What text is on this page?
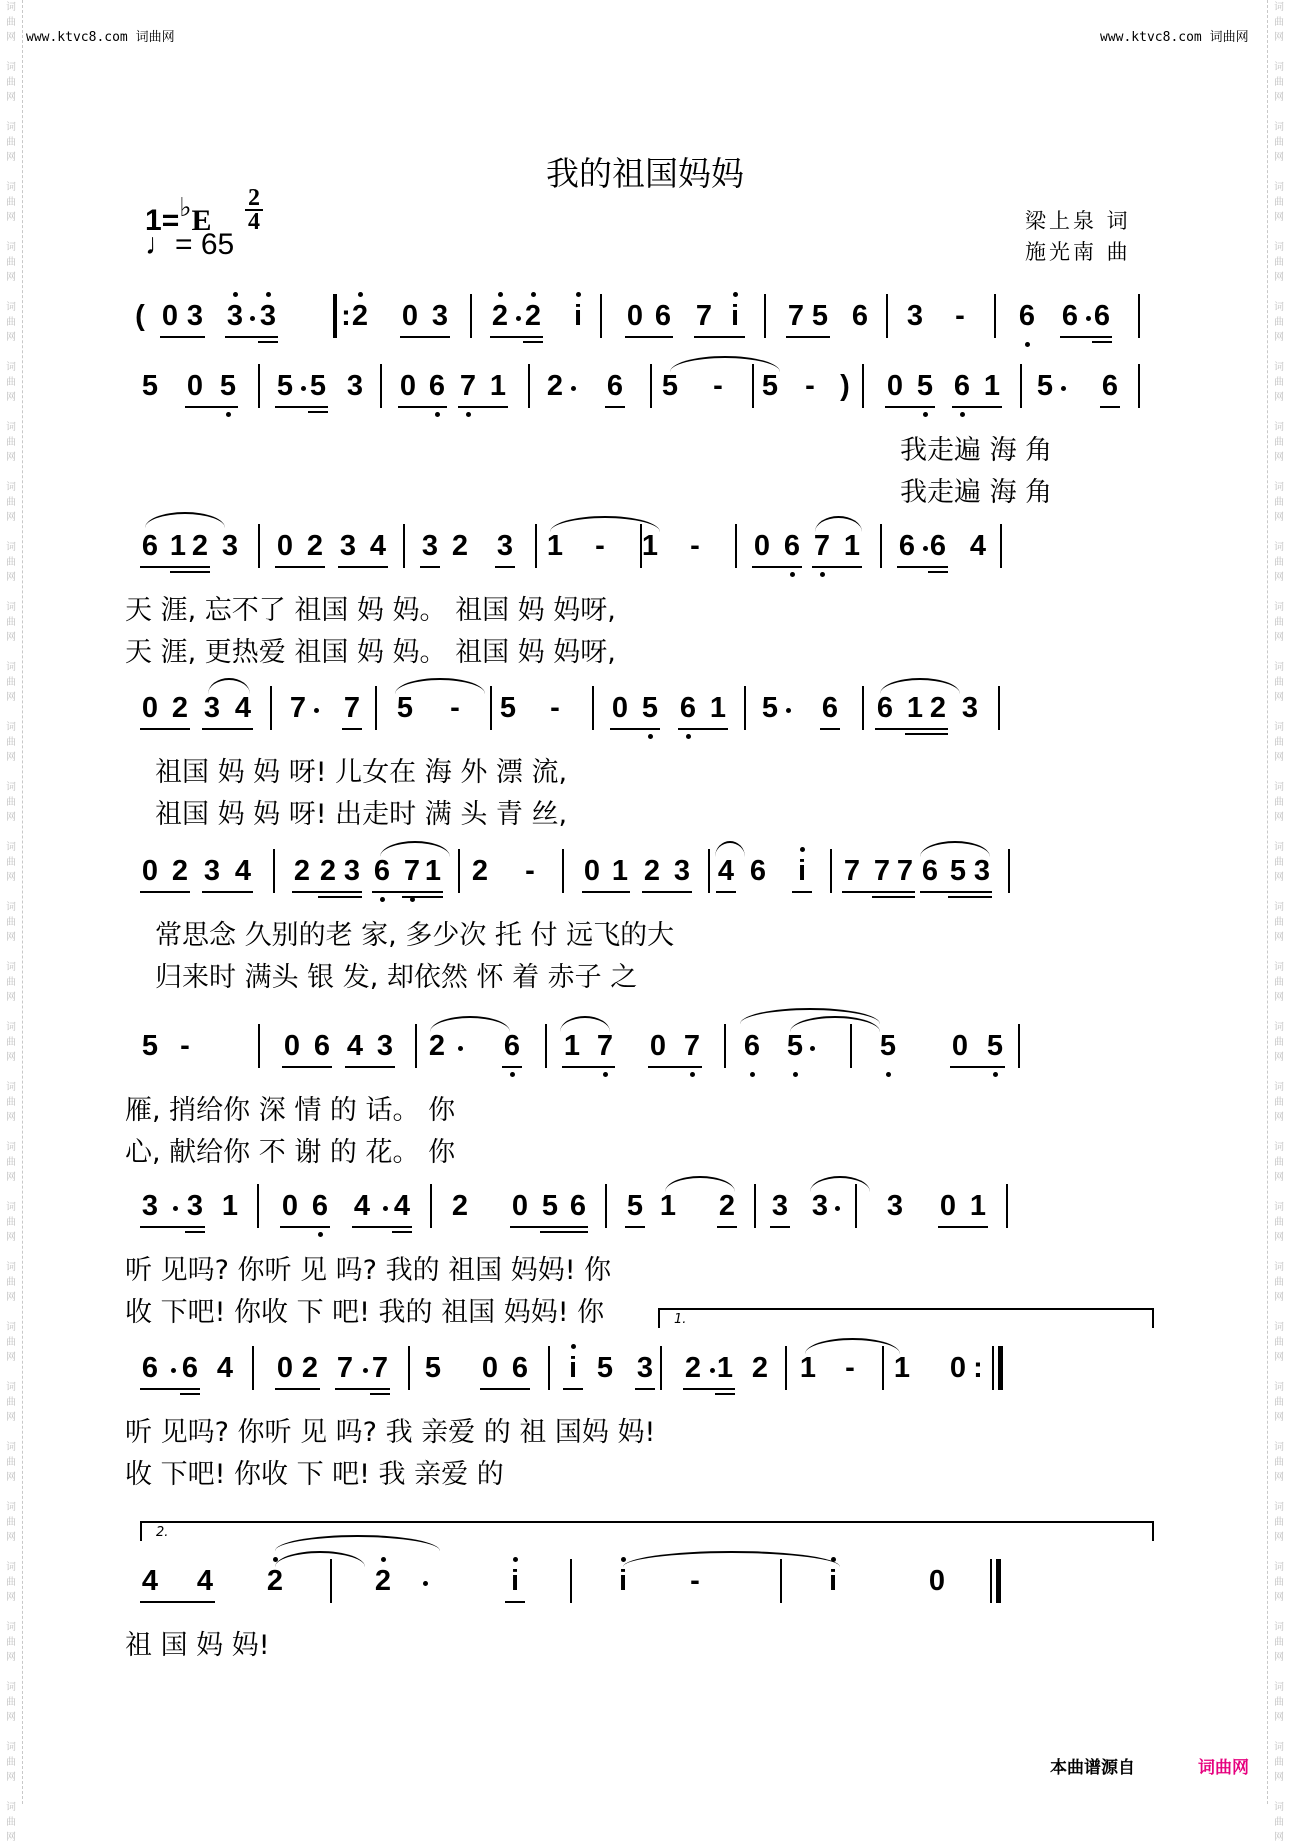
词
曲
网
词
曲
网
词
曲
网
词
曲
网
词
曲
网
词
曲
网
词
曲
网
词
曲
网
词
曲
网
词
曲
网
词
曲
网
词
曲
网
词
曲
网
词
曲
网
词
曲
网
词
曲
网
词
曲
网
词
曲
网
词
曲
网
词
曲
网
词
曲
网
词
曲
网
词
曲
网
词
曲
网
词
曲
网
词
曲
网
词
曲
网
词
曲
网
词
曲
网
词
曲
网
词
曲
网
词
曲
网
词
曲
网
词
曲
网
词
曲
网
词
曲
网
词
曲
网
词
曲
网
词
曲
网
词
曲
网
词
曲
网
词
曲
网
词
曲
网
词
曲
网
词
曲
网
词
曲
网
词
曲
网
词
曲
网
词
曲
网
词
曲
网
词
曲
网
词
曲
网
词
曲
网
词
曲
网
词
曲
网
词
曲
网
词
曲
网
词
曲
网
词
曲
网
词
曲
网
词
曲
网
词
曲
网
www.ktvc8.com 词曲网	www.ktvc8.com 词曲网
我的祖国妈妈
1=♭E
2
4
♩= 65
梁上泉 词
施光南 曲
( 0 3 3 3 : 2 0 3 2 2 i 0 6 7 i 7 5 6 3 - 6 6 6
5 0 5 5 5 3 0 6 7 1 2 6 5 - 5 - ) 0 5 6 1 5 6
我走遍 海 角
我走遍 海 角
6 1 2 3 0 2 3 4 3 2 3 1 - 1 - 0 6 7 1 6 6 4
天 涯, 忘不了 祖国 妈 妈。 祖国 妈 妈呀,
天 涯, 更热爱 祖国 妈 妈。 祖国 妈 妈呀,
0 2 3 4 7 7 5 - 5 - 0 5 6 1 5 6 6 1 2 3
祖国 妈 妈 呀! 儿女在 海 外 漂 流,
祖国 妈 妈 呀! 出走时 满 头 青 丝,
0 2 3 4 2 2 3 6 7 1 2 - 0 1 2 3 4 6 i 7 7 7 6 5 3
常思念 久别的老 家, 多少次 托 付 远飞的大
归来时 满头 银 发, 却依然 怀 着 赤子 之
5 -	0 6 4 3 2 6 1 7 0 7 6 5	5 0 5
雁, 捎给你 深 情 的 话。 你
心, 献给你 不 谢 的 花。 你
3 3 1 0 6 4 4 2 0 5 6 5 1 2 3 3 3 0 1
听 见吗? 你听 见 吗? 我的 祖国 妈妈! 你
收 下吧! 你收 下 吧! 我的 祖国 妈妈! 你
6 6 4 0 2 7 7 5 0 6 i 5 3
1.
2 1 2 1 - 1 0 :
听 见吗? 你听 见 吗? 我 亲爱 的 祖 国妈 妈!
收 下吧! 你收 下 吧! 我 亲爱 的
2.
4 4 2	2	i	i -	i	0
祖 国 妈 妈!
本曲谱源自	词曲网
